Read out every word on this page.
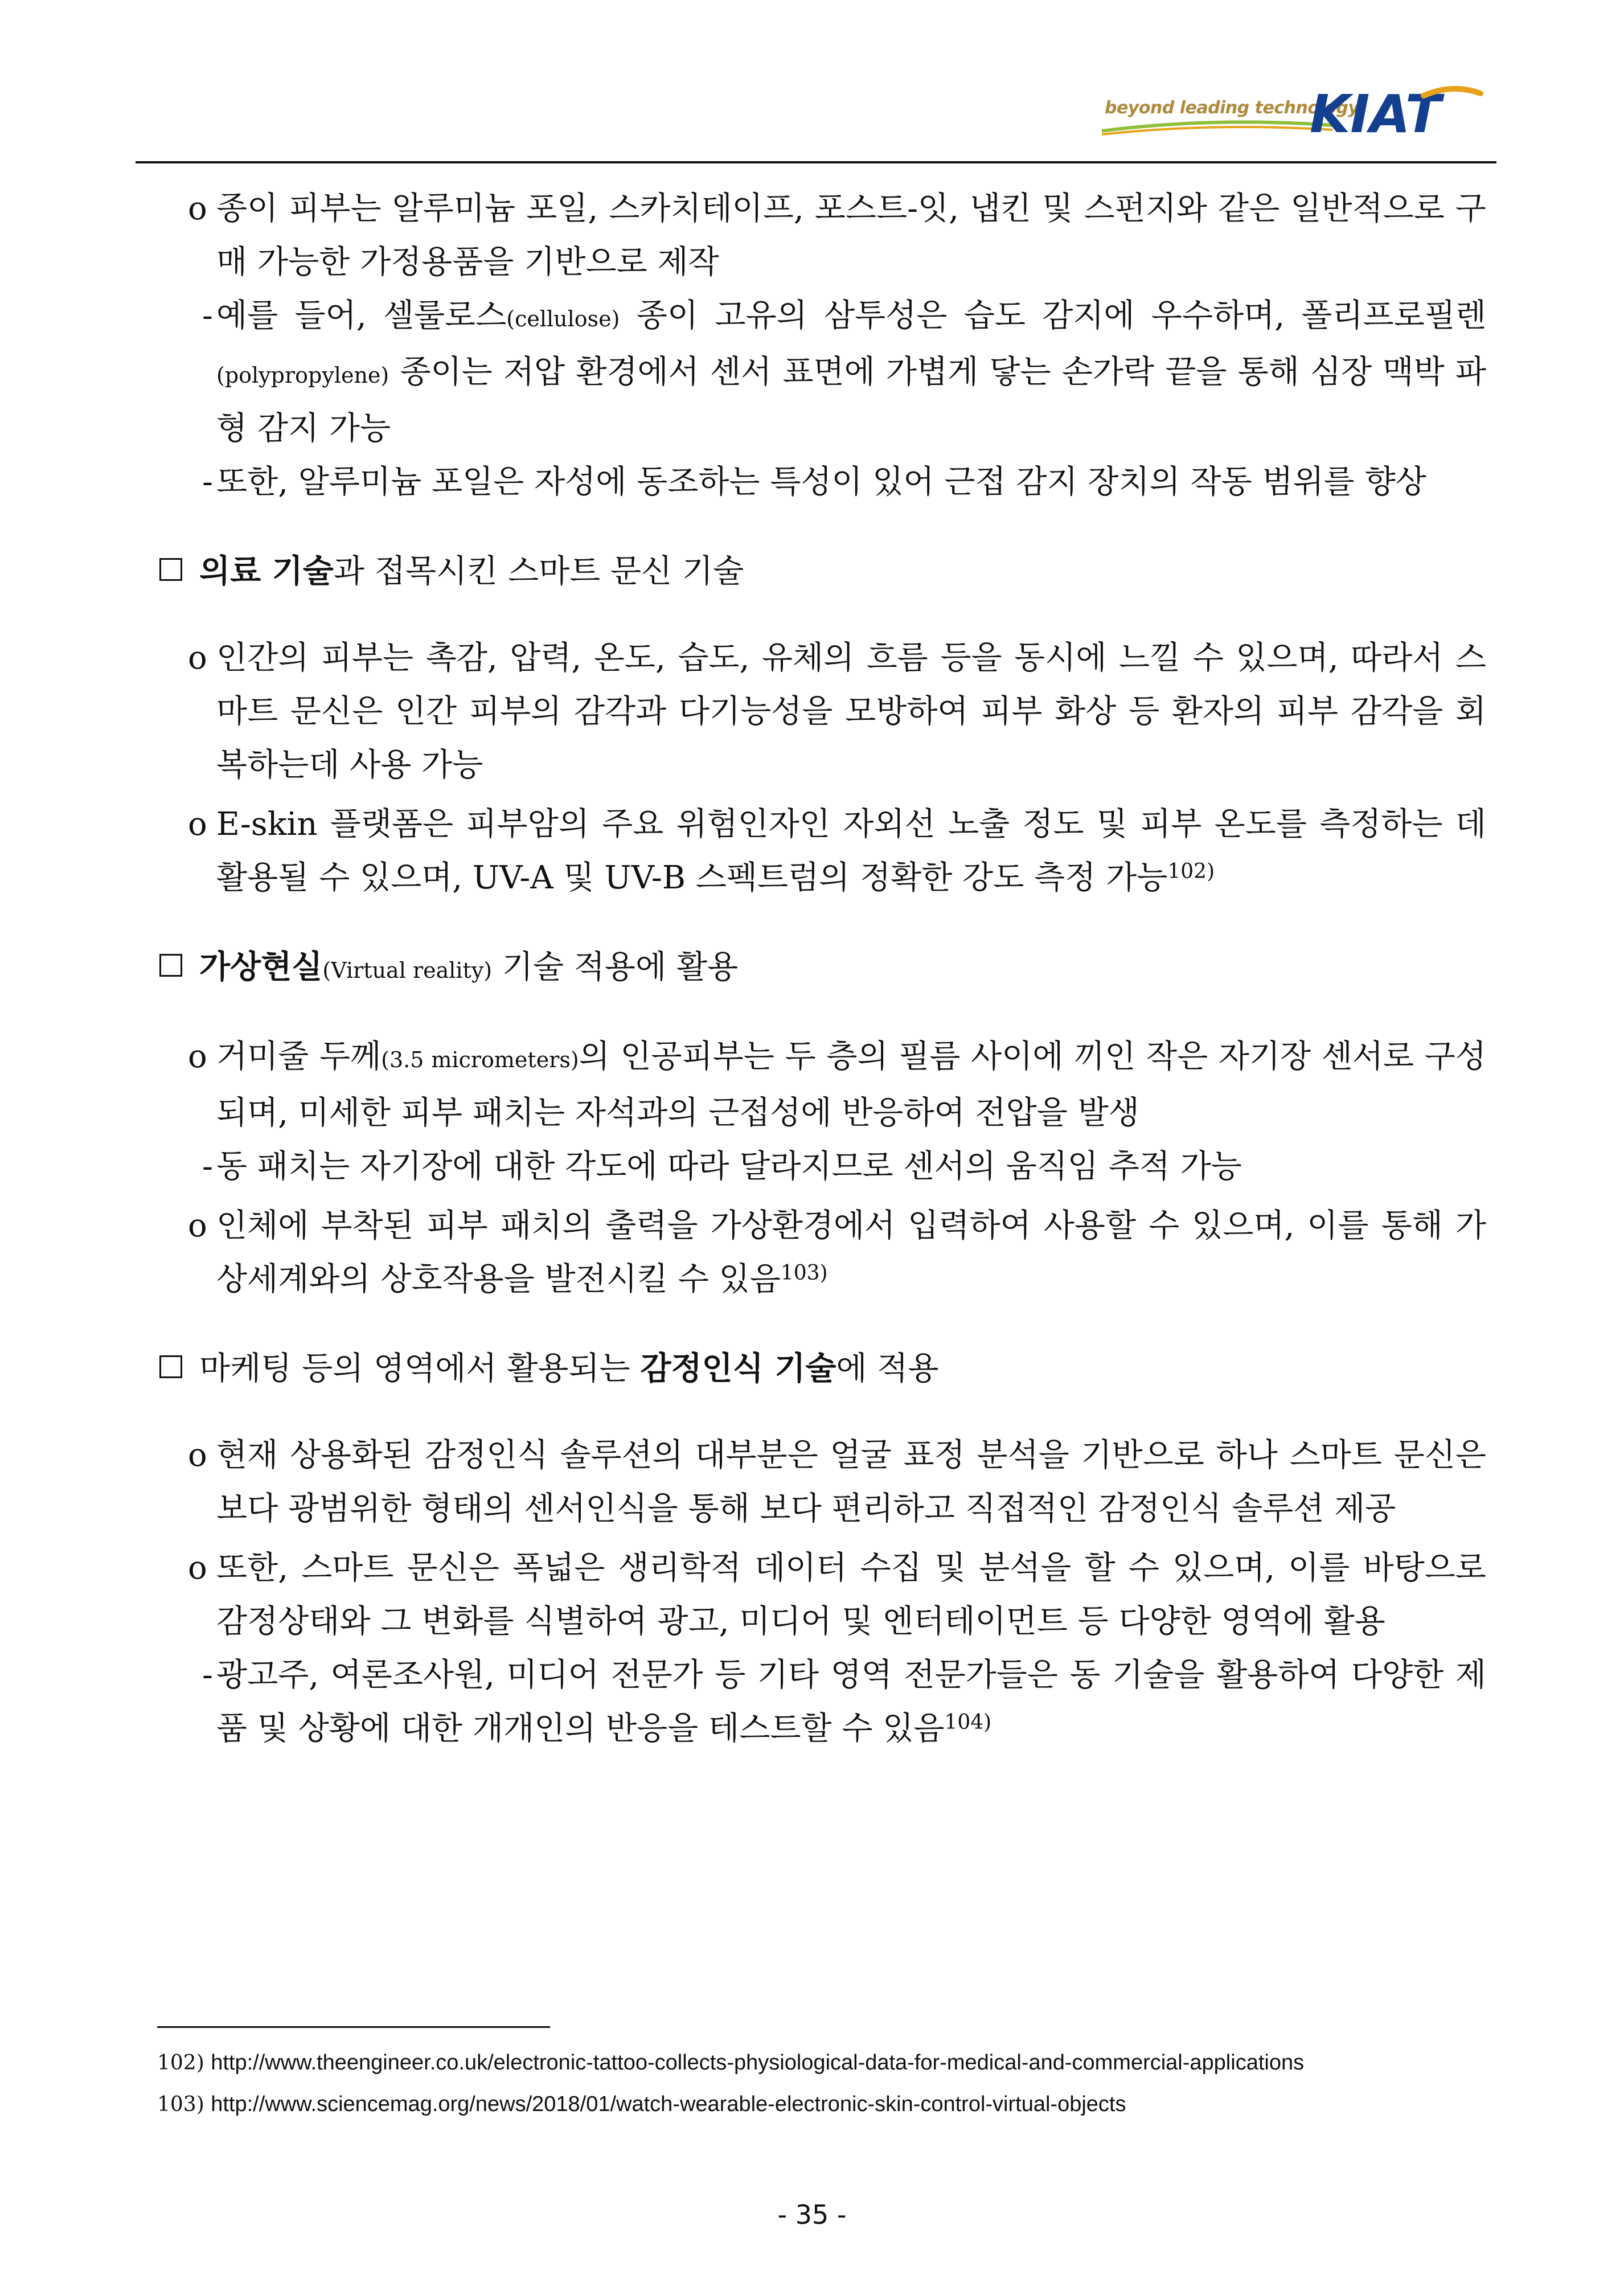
beyond leading technology
KIAT

o 종이 피부는 알루미늄 포일, 스카치테이프, 포스트-잇, 냅킨 및 스펀지와 같은 일반적으로 구매 가능한 가정용품을 기반으로 제작

- 예를 들어, 셀룰로스(cellulose) 종이 고유의 삼투성은 습도 감지에 우수하며, 폴리프로필렌(polypropylene) 종이는 저압 환경에서 센서 표면에 가볍게 닿는 손가락 끝을 통해 심장 맥박 파형 감지 가능

- 또한, 알루미늄 포일은 자성에 동조하는 특성이 있어 근접 감지 장치의 작동 범위를 향상

의료 기술과 접목시킨 스마트 문신 기술

o 인간의 피부는 촉감, 압력, 온도, 습도, 유체의 흐름 등을 동시에 느낄 수 있으며, 따라서 스마트 문신은 인간 피부의 감각과 다기능성을 모방하여 피부 화상 등 환자의 피부 감각을 회복하는데 사용 가능

o E-skin 플랫폼은 피부암의 주요 위험인자인 자외선 노출 정도 및 피부 온도를 측정하는 데 활용될 수 있으며, UV-A 및 UV-B 스펙트럼의 정확한 강도 측정 가능$^{102)}$

가상현실(Virtual reality) 기술 적용에 활용

o 거미줄 두께(3.5 micrometers)의 인공피부는 두 층의 필름 사이에 끼인 작은 자기장 센서로 구성되며, 미세한 피부 패치는 자석과의 근접성에 반응하여 전압을 발생

- 동 패치는 자기장에 대한 각도에 따라 달라지므로 센서의 움직임 추적 가능

o 인체에 부착된 피부 패치의 출력을 가상환경에서 입력하여 사용할 수 있으며, 이를 통해 가상세계와의 상호작용을 발전시킬 수 있음$^{103)}$

마케팅 등의 영역에서 활용되는 감정인식 기술에 적용

o 현재 상용화된 감정인식 솔루션의 대부분은 얼굴 표정 분석을 기반으로 하나 스마트 문신은 보다 광범위한 형태의 센서인식을 통해 보다 편리하고 직접적인 감정인식 솔루션 제공

o 또한, 스마트 문신은 폭넓은 생리학적 데이터 수집 및 분석을 할 수 있으며, 이를 바탕으로 감정상태와 그 변화를 식별하여 광고, 미디어 및 엔터테이먼트 등 다양한 영역에 활용

- 광고주, 여론조사원, 미디어 전문가 등 기타 영역 전문가들은 동 기술을 활용하여 다양한 제품 및 상황에 대한 개개인의 반응을 테스트할 수 있음$^{104)}$

102) http://www.theengineer.co.uk/electronic-tattoo-collects-physiological-data-for-medical-and-commercial-applications
103) http://www.sciencemag.org/news/2018/01/watch-wearable-electronic-skin-control-virtual-objects
- 35 -
